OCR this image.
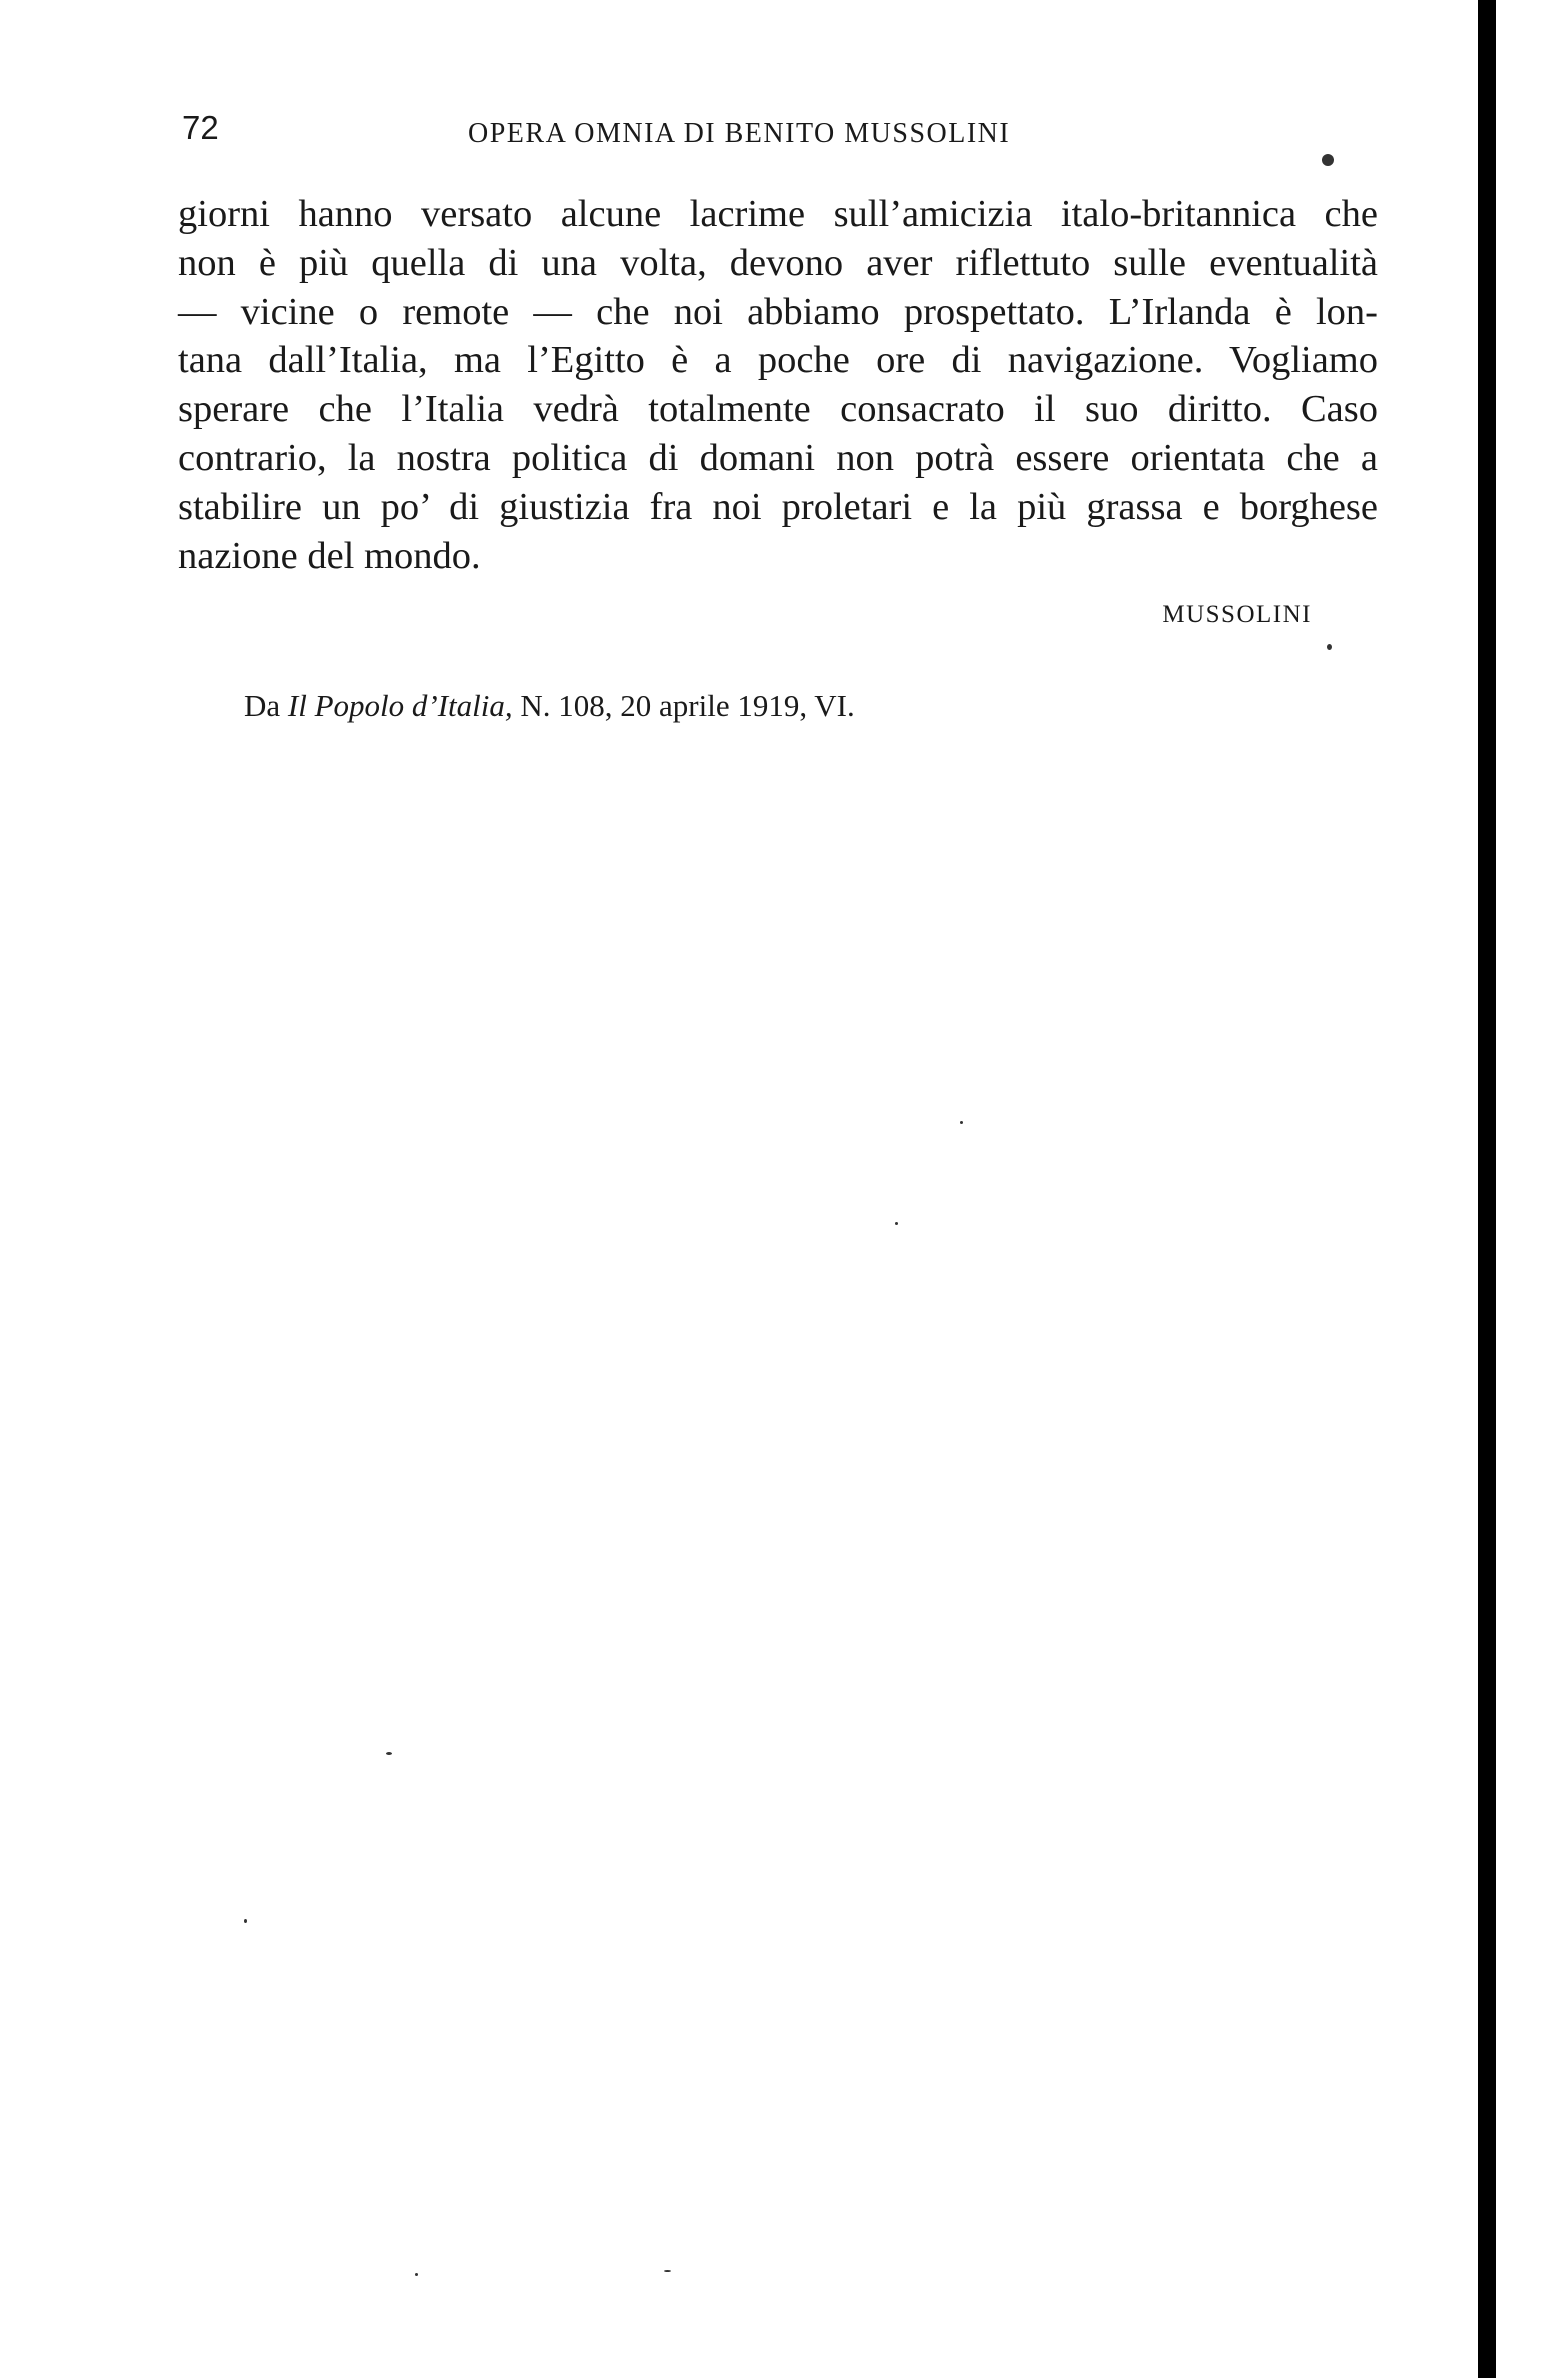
72	OPERA OMNIA DI BENITO MUSSOLINI
giorni hanno versato alcune lacrime sull’amicizia italo-britannica che
non è più quella di una volta, devono aver riflettuto sulle eventualità
— vicine o remote — che noi abbiamo prospettato. L’Irlanda è lon-
tana dall’Italia, ma l’Egitto è a poche ore di navigazione. Vogliamo
sperare che l’Italia vedrà totalmente consacrato il suo diritto. Caso
contrario, la nostra politica di domani non potrà essere orientata che a
stabilire un po’ di giustizia fra noi proletari e la più grassa e borghese
nazione del mondo.
MUSSOLINI
Da Il Popolo d’Italia, N. 108, 20 aprile 1919, VI.
